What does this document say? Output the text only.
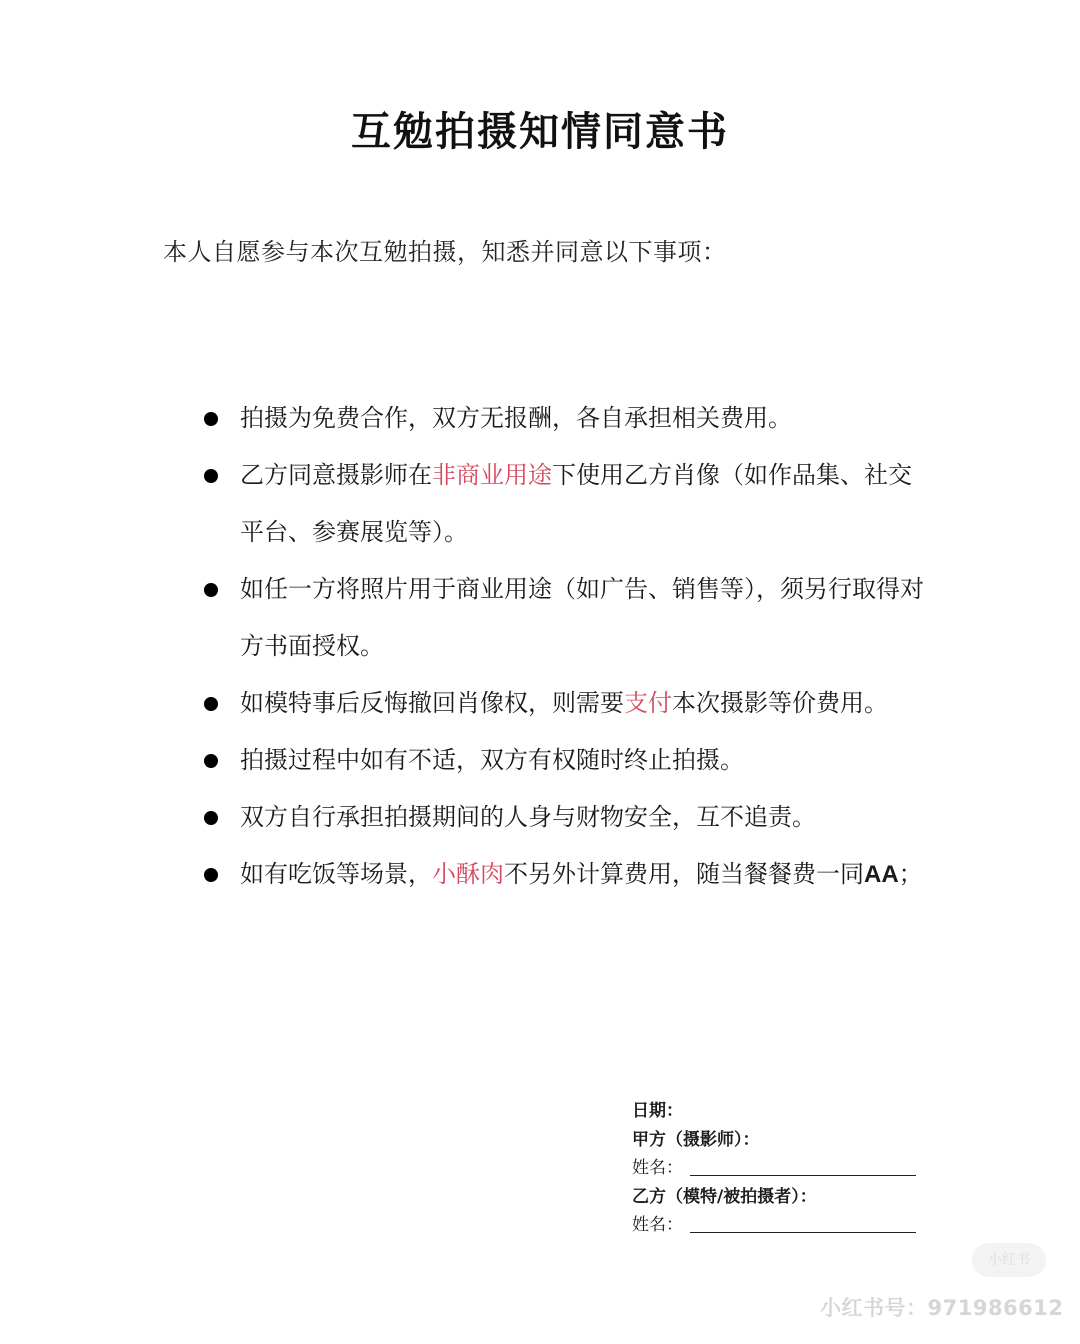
互勉拍摄知情同意书
本人自愿参与本次互勉拍摄，知悉并同意以下事项：
拍摄为免费合作，双方无报酬，各自承担相关费用。
乙方同意摄影师在非商业用途下使用乙方肖像（如作品集、社交平台、参赛展览等）。
如任一方将照片用于商业用途（如广告、销售等），须另行取得对方书面授权。
如模特事后反悔撤回肖像权，则需要支付本次摄影等价费用。
拍摄过程中如有不适，双方有权随时终止拍摄。
双方自行承担拍摄期间的人身与财物安全，互不追责。
如有吃饭等场景，小酥肉不另外计算费用，随当餐餐费一同AA；
日期：
甲方（摄影师）：
姓名：
乙方（模特/被拍摄者）：
姓名：
小红书
小红书号：971986612
